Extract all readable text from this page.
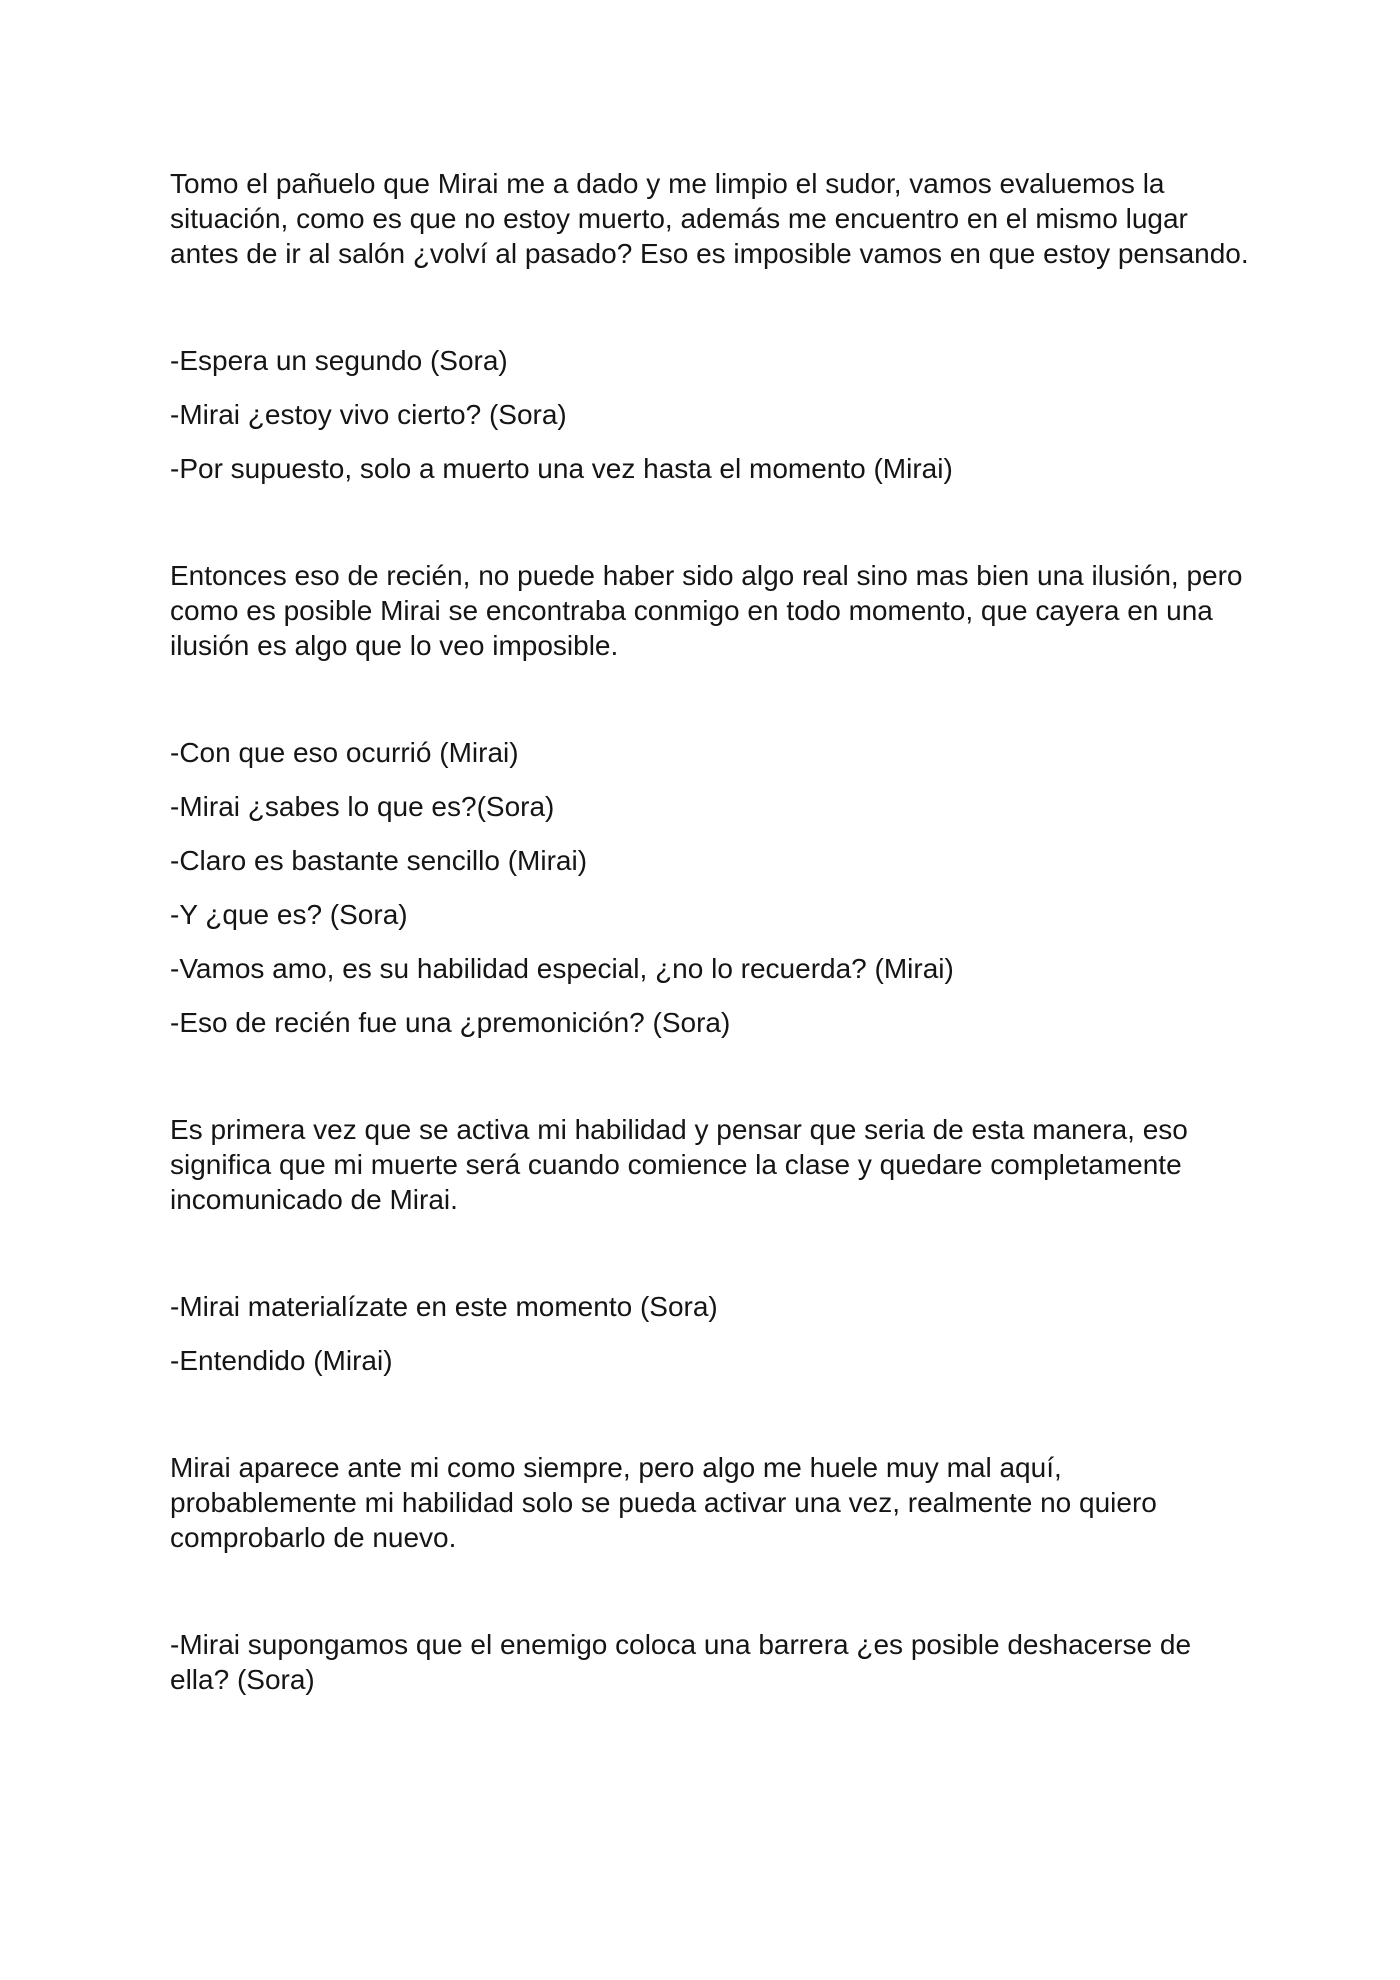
Tomo el pañuelo que Mirai me a dado y me limpio el sudor, vamos evaluemos la situación, como es que no estoy muerto, además me encuentro en el mismo lugar antes de ir al salón ¿volví al pasado? Eso es imposible vamos en que estoy pensando.

-Espera un segundo (Sora)

-Mirai ¿estoy vivo cierto? (Sora)

-Por supuesto, solo a muerto una vez hasta el momento (Mirai)

Entonces eso de recién, no puede haber sido algo real sino mas bien una ilusión, pero como es posible Mirai se encontraba conmigo en todo momento, que cayera en una ilusión es algo que lo veo imposible.

-Con que eso ocurrió (Mirai)

-Mirai ¿sabes lo que es?(Sora)

-Claro es bastante sencillo (Mirai)

-Y ¿que es? (Sora)

-Vamos amo, es su habilidad especial, ¿no lo recuerda? (Mirai)

-Eso de recién fue una ¿premonición? (Sora)

Es primera vez que se activa mi habilidad y pensar que seria de esta manera, eso significa que mi muerte será cuando comience la clase y quedare completamente incomunicado de Mirai.

-Mirai materialízate en este momento (Sora)

-Entendido (Mirai)

Mirai aparece ante mi como siempre, pero algo me huele muy mal aquí, probablemente mi habilidad solo se pueda activar una vez, realmente no quiero comprobarlo de nuevo.

-Mirai supongamos que el enemigo coloca una barrera ¿es posible deshacerse de ella? (Sora)
